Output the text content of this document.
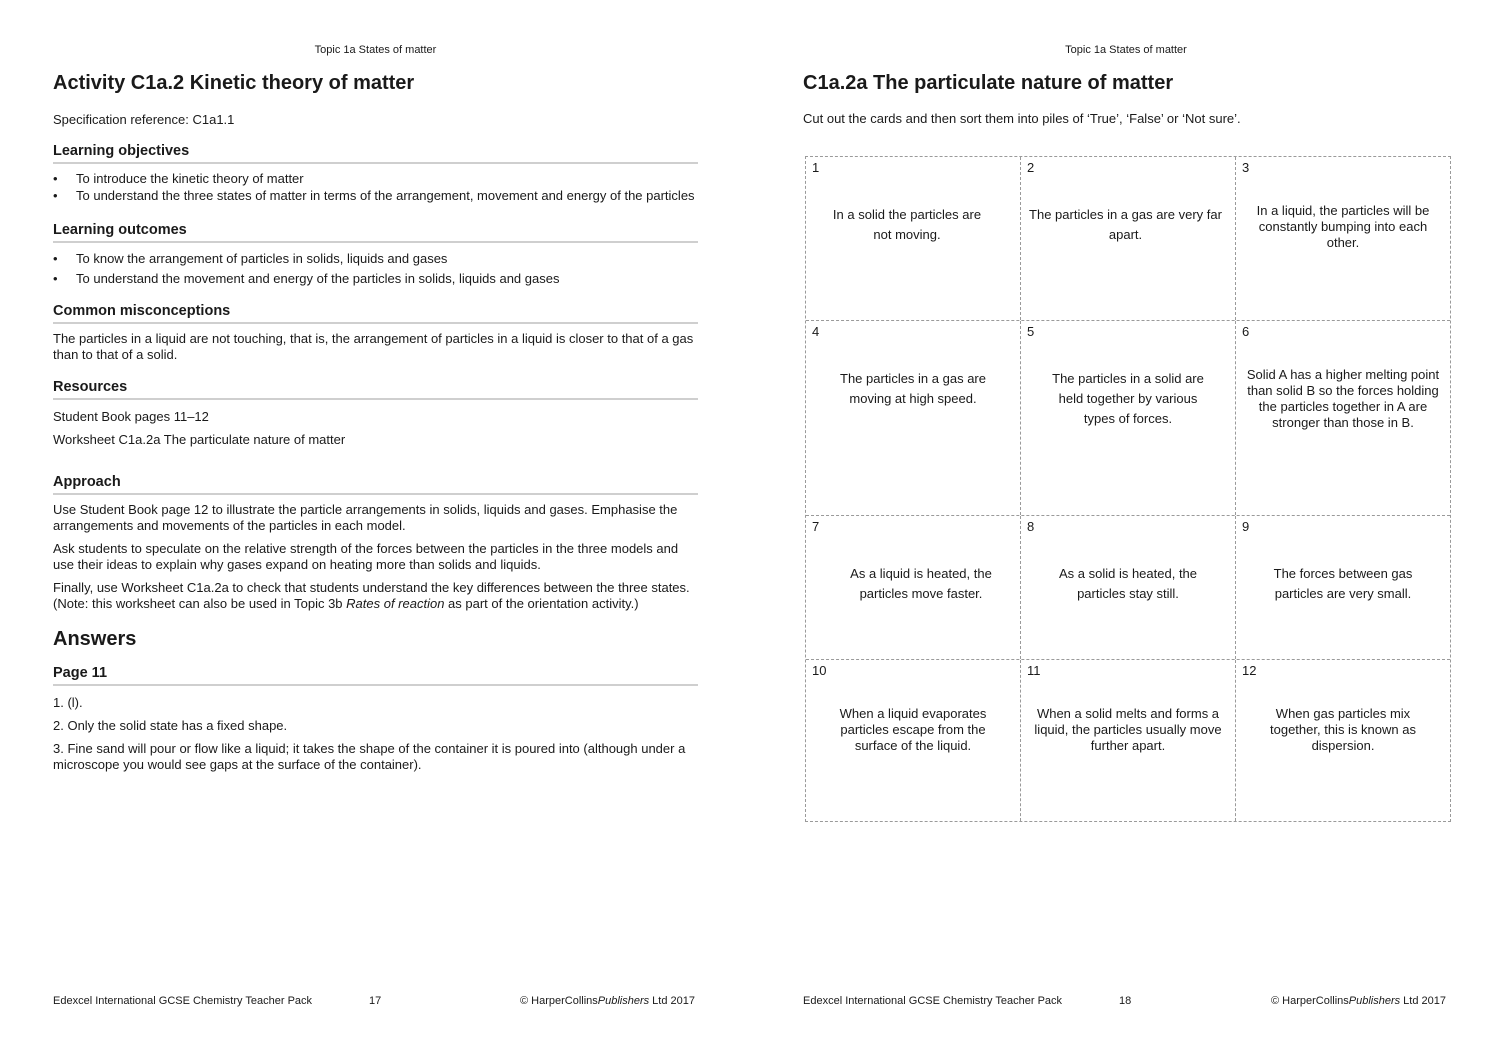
Topic 1a States of matter
Activity C1a.2 Kinetic theory of matter

Specification reference: C1a1.1

Learning objectives
• To introduce the kinetic theory of matter
• To understand the three states of matter in terms of the arrangement, movement and energy of the particles
Learning outcomes
• To know the arrangement of particles in solids, liquids and gases
• To understand the movement and energy of the particles in solids, liquids and gases
Common misconceptions

The particles in a liquid are not touching, that is, the arrangement of particles in a liquid is closer to that of a gas than to that of a solid.

Resources

Student Book pages 11–12

Worksheet C1a.2a The particulate nature of matter

Approach

Use Student Book page 12 to illustrate the particle arrangements in solids, liquids and gases. Emphasise the arrangements and movements of the particles in each model.

Ask students to speculate on the relative strength of the forces between the particles in the three models and use their ideas to explain why gases expand on heating more than solids and liquids.

Finally, use Worksheet C1a.2a to check that students understand the key differences between the three states. (Note: this worksheet can also be used in Topic 3b Rates of reaction as part of the orientation activity.)

Answers
Page 11

1. (l).

2. Only the solid state has a fixed shape.

3. Fine sand will pour or flow like a liquid; it takes the shape of the container it is poured into (although under a microscope you would see gaps at the surface of the container).

Edexcel International GCSE Chemistry Teacher Pack	17	© HarperCollinsPublishers Ltd 2017
Topic 1a States of matter
C1a.2a The particulate nature of matter

Cut out the cards and then sort them into piles of ‘True’, ‘False’ or ‘Not sure’.

1
In a solid the particles are not moving.
2
The particles in a gas are very far apart.
3
In a liquid, the particles will be constantly bumping into each other.
4
The particles in a gas are moving at high speed.
5
The particles in a solid are held together by various types of forces.
6
Solid A has a higher melting point than solid B so the forces holding the particles together in A are stronger than those in B.
7
As a liquid is heated, the particles move faster.
8
As a solid is heated, the particles stay still.
9
The forces between gas particles are very small.
10
When a liquid evaporates particles escape from the surface of the liquid.
11
When a solid melts and forms a liquid, the particles usually move further apart.
12
When gas particles mix together, this is known as dispersion.
Edexcel International GCSE Chemistry Teacher Pack	18	© HarperCollinsPublishers Ltd 2017
